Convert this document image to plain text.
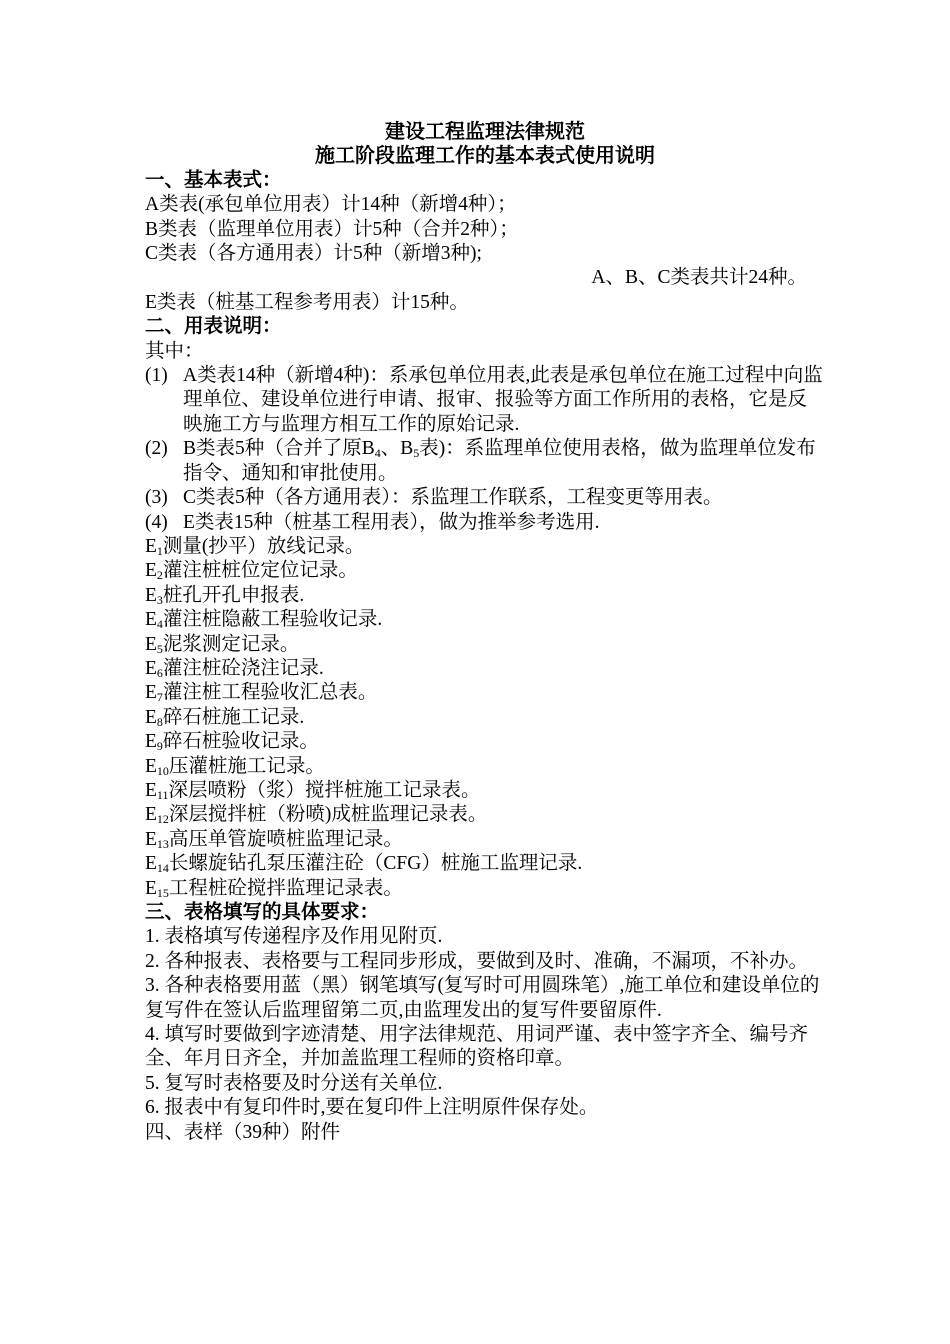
建设工程监理法律规范

施工阶段监理工作的基本表式使用说明

一、基本表式：

A类表(承包单位用表）计14种（新增4种）；

B类表（监理单位用表）计5种（合并2种）；

C类表（各方通用表）计5种（新增3种);

A、B、C类表共计24种。

E类表（桩基工程参考用表）计15种。

二、用表说明：

其中：

(1) A类表14种（新增4种)：系承包单位用表,此表是承包单位在施工过程中向监理单位、建设单位进行申请、报审、报验等方面工作所用的表格，它是反映施工方与监理方相互工作的原始记录.
(2) B类表5种（合并了原$B_4$、$B_5$表)：系监理单位使用表格，做为监理单位发布指令、通知和审批使用。
(3) C类表5种（各方通用表）：系监理工作联系，工程变更等用表。
(4) E类表15种（桩基工程用表），做为推举参考选用.

$E_1$测量(抄平）放线记录。

$E_2$灌注桩桩位定位记录。

$E_3$桩孔开孔申报表.

$E_4$灌注桩隐蔽工程验收记录.

$E_5$泥浆测定记录。

$E_6$灌注桩砼浇注记录.

$E_7$灌注桩工程验收汇总表。

$E_8$碎石桩施工记录.

$E_9$碎石桩验收记录。

$E_{10}$压灌桩施工记录。

$E_{11}$深层喷粉（浆）搅拌桩施工记录表。

$E_{12}$深层搅拌桩（粉喷)成桩监理记录表。

$E_{13}$高压单管旋喷桩监理记录。

$E_{14}$长螺旋钻孔泵压灌注砼（CFG）桩施工监理记录.

$E_{15}$工程桩砼搅拌监理记录表。

三、表格填写的具体要求：

1. 表格填写传递程序及作用见附页.

2. 各种报表、表格要与工程同步形成，要做到及时、准确，不漏项，不补办。

3. 各种表格要用蓝（黑）钢笔填写(复写时可用圆珠笔）,施工单位和建设单位的复写件在签认后监理留第二页,由监理发出的复写件要留原件.

4. 填写时要做到字迹清楚、用字法律规范、用词严谨、表中签字齐全、编号齐全、年月日齐全，并加盖监理工程师的资格印章。

5. 复写时表格要及时分送有关单位.

6. 报表中有复印件时,要在复印件上注明原件保存处。

四、表样（39种）附件
